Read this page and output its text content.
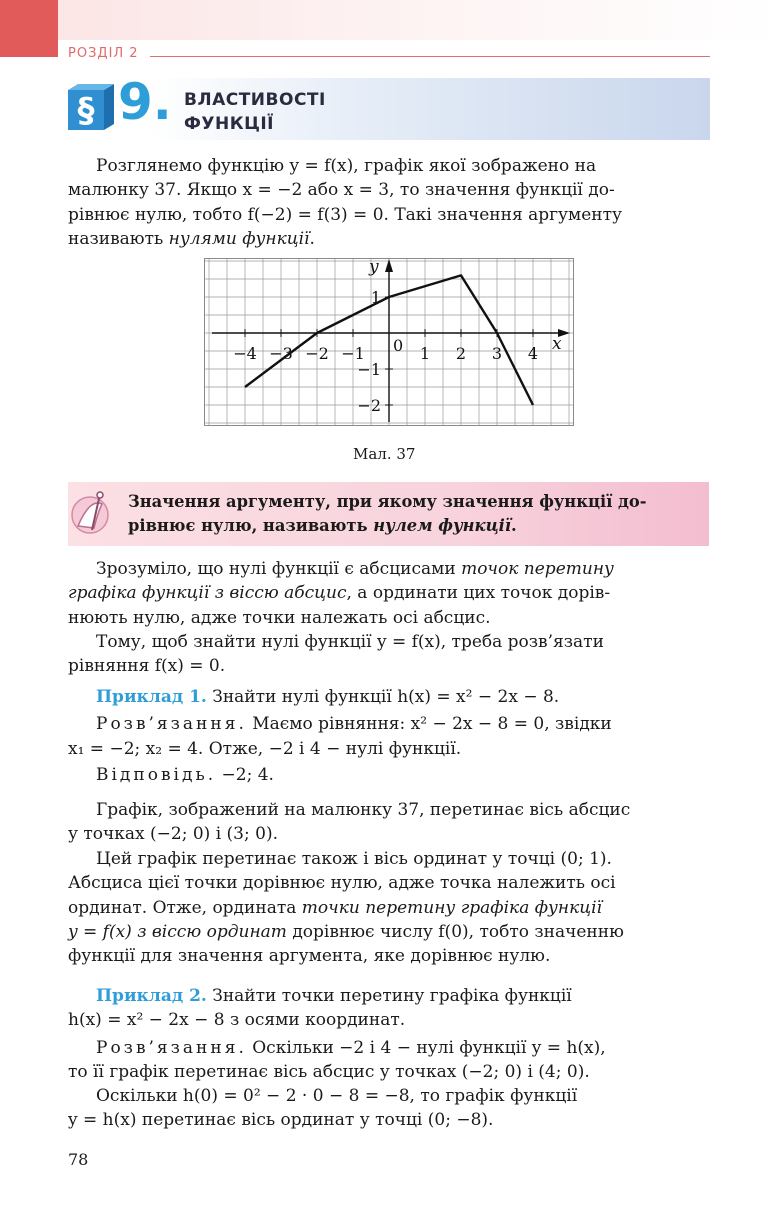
РОЗДІЛ 2
§ 9. ВЛАСТИВОСТІ
ФУНКЦІЇ

Розглянемо функцію y = f(x), графік якої зображено на

малюнку 37. Якщо x = −2 або x = 3, то значення функції до-

рівнює нулю, тобто f(−2) = f(3) = 0. Такі значення аргументу

називають нулями функції.

x
y
−4 −3 −2 −1	1 2 3 4
1
−1
−2
0
Мал. 37

Значення аргументу, при якому значення функції до-

рівнює нулю, називають нулем функції.

Зрозуміло, що нулі функції є абсцисами точок перетину

графіка функції з віссю абсцис, а ординати цих точок дорів-

нюють нулю, адже точки належать осі абсцис.

Тому, щоб знайти нулі функції y = f(x), треба розв’язати

рівняння f(x) = 0.

Приклад 1. Знайти нулі функції h(x) = x² − 2x − 8.

Розв’язання. Маємо рівняння: x² − 2x − 8 = 0, звідки

x₁ = −2; x₂ = 4. Отже, −2 і 4 − нулі функції.

Відповідь. −2; 4.

Графік, зображений на малюнку 37, перетинає вісь абсцис

у точках (−2; 0) і (3; 0).

Цей графік перетинає також і вісь ординат у точці (0; 1).

Абсциса цієї точки дорівнює нулю, адже точка належить осі

ординат. Отже, ордината точки перетину графіка функції

y = f(x) з віссю ординат дорівнює числу f(0), тобто значенню

функції для значення аргумента, яке дорівнює нулю.

Приклад 2. Знайти точки перетину графіка функції

h(x) = x² − 2x − 8 з осями координат.

Розв’язання. Оскільки −2 і 4 − нулі функції y = h(x),

то її графік перетинає вісь абсцис у точках (−2; 0) і (4; 0).

Оскільки h(0) = 0² − 2 · 0 − 8 = −8, то графік функції

y = h(x) перетинає вісь ординат у точці (0; −8).

78
